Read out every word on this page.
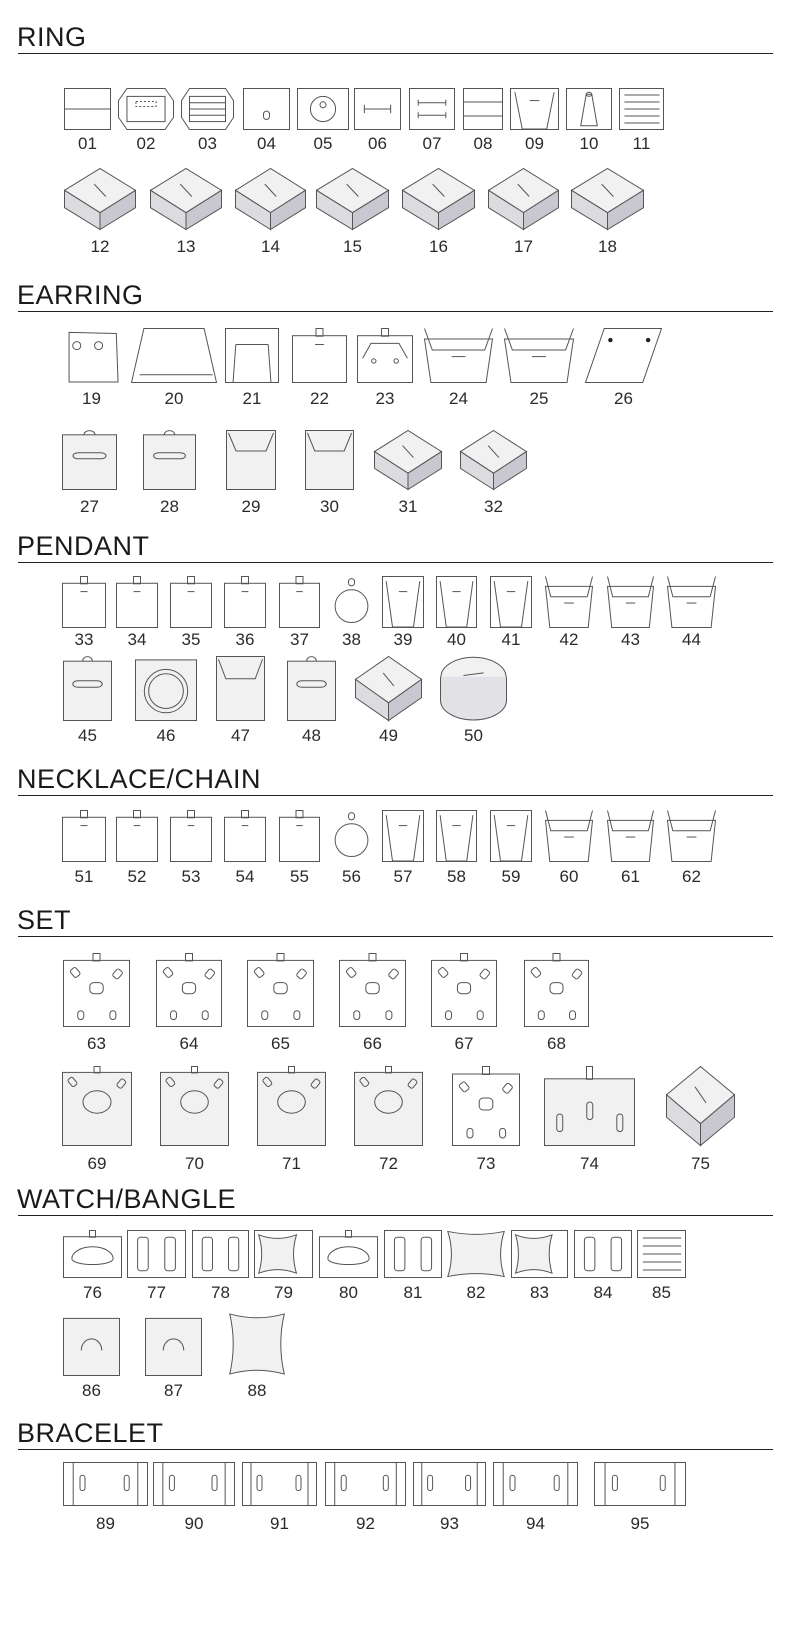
RING
EARRING
PENDANT
NECKLACE/CHAIN
SET
WATCH/BANGLE
BRACELET
01	02	03	04	05	06	07	08	09	10	11
12	13	14	15	16	17	18
19	20	21	22	23	24	25	26
27	28	29	30	31	32
33	34	35	36	37	38	39	40	41	42	43	44
45	46	47	48	49	50
51	52	53	54	55	56	57	58	59	60	61	62
63	64	65	66	67	68
69	70	71	72	73	74	75
76	77	78	79	80	81	82	83	84	85
86	87	88
89	90	91	92	93	94	95
